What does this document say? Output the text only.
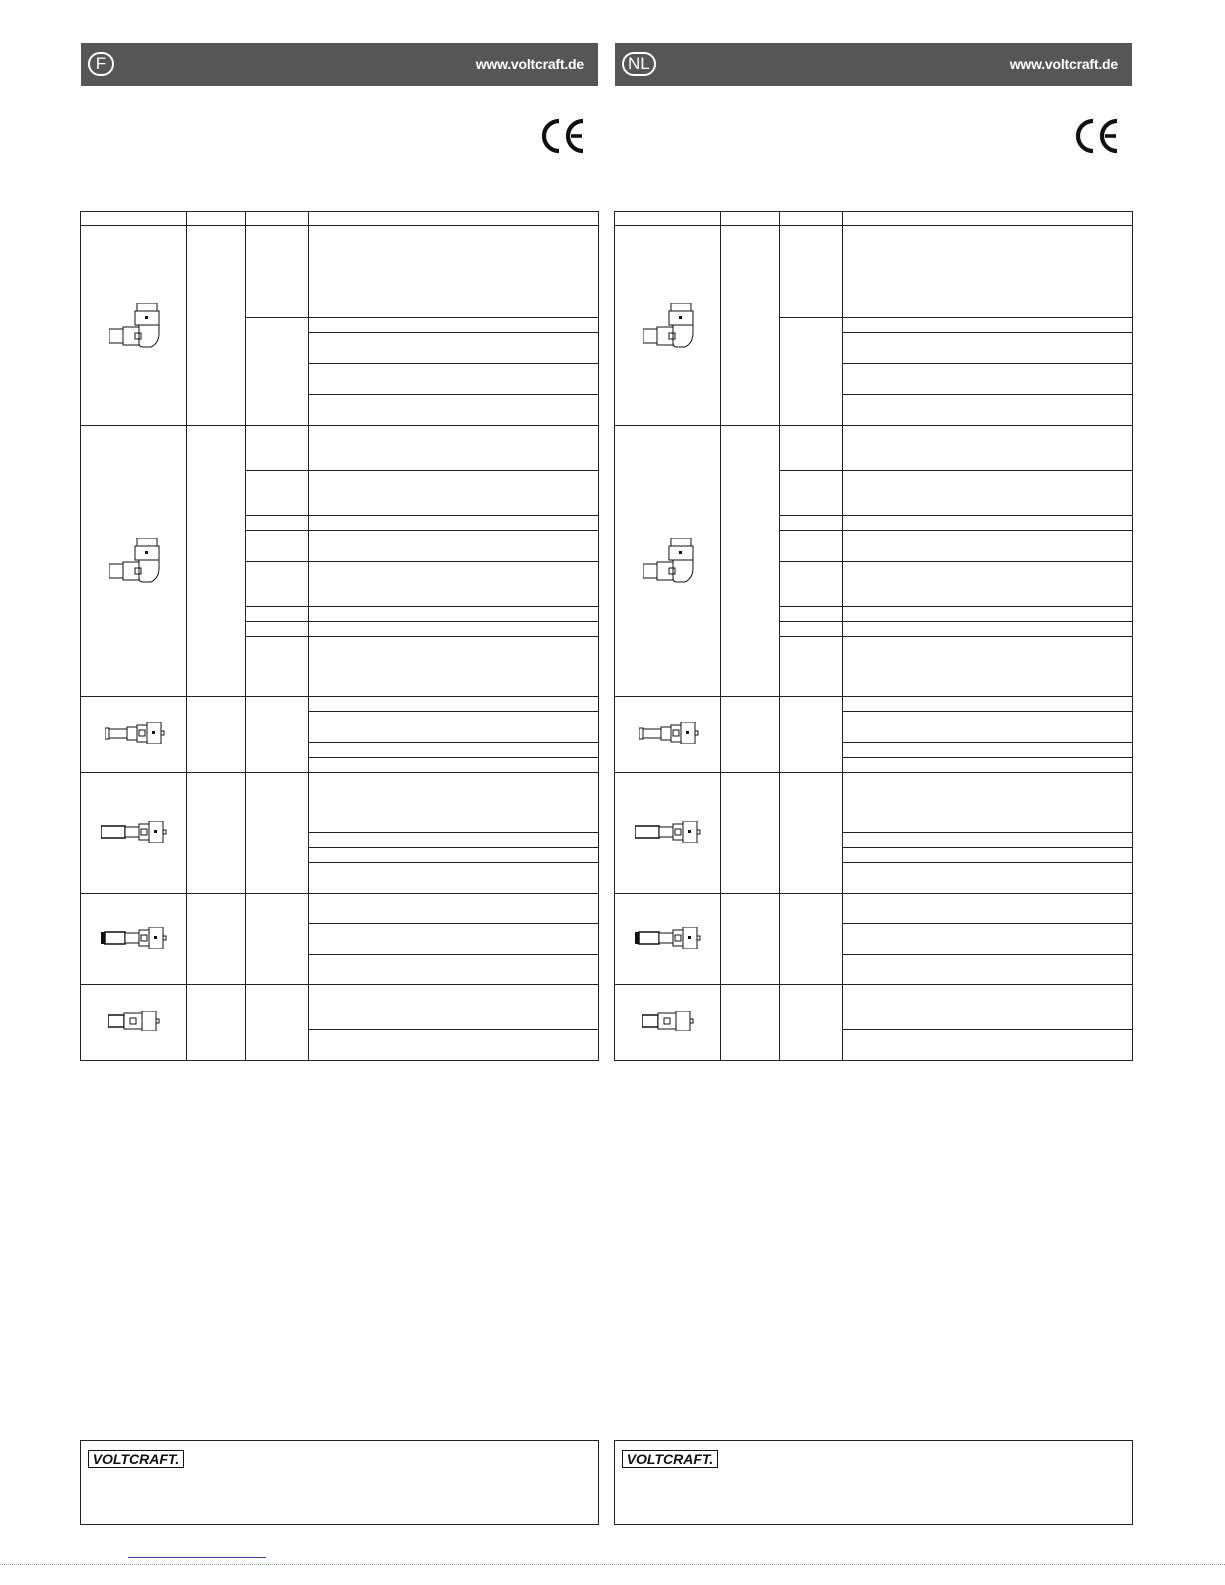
F	www.voltcraft.de
VOLTCRAFT.
NL	www.voltcraft.de
VOLTCRAFT.
